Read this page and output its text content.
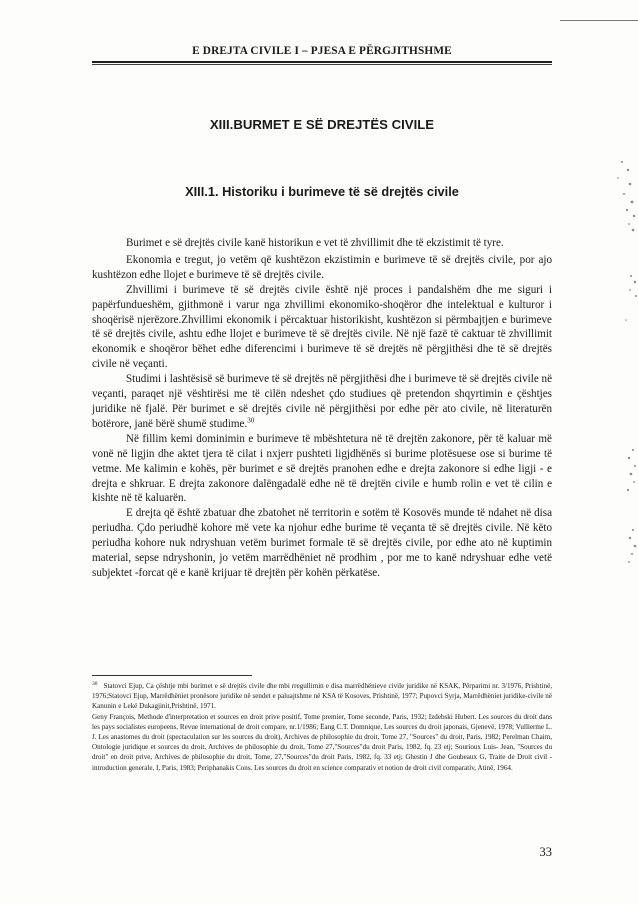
E DREJTA CIVILE I – PJESA E PËRGJITHSHME
XIII.BURMET E SË DREJTËS CIVILE
XIII.1. Historiku i burimeve të së drejtës civile

Burimet e së drejtës civile kanë historikun e vet të zhvillimit dhe të ekzistimit të tyre.

Ekonomia e tregut, jo vetëm që kushtëzon ekzistimin e burimeve të së drejtës civile, por ajo kushtëzon edhe llojet e burimeve të së drejtës civile.

Zhvillimi i burimeve të së drejtës civile është një proces i pandalshëm dhe me siguri i papërfundueshëm, gjithmonë i varur nga zhvillimi ekonomiko-shoqëror dhe intelektual e kulturor i shoqërisë njerëzore.Zhvillimi ekonomik i përcaktuar historikisht, kushtëzon si përmbajtjen e burimeve të së drejtës civile, ashtu edhe llojet e burimeve të së drejtës civile. Në një fazë të caktuar të zhvillimit ekonomik e shoqëror bëhet edhe diferencimi i burimeve të së drejtës në përgjithësi dhe të së drejtës civile në veçanti.

Studimi i lashtësisë së burimeve të së drejtës në përgjithësi dhe i burimeve të së drejtës civile në veçanti, paraqet një vështirësi me të cilën ndeshet çdo studiues që pretendon shqyrtimin e çështjes juridike në fjalë. Për burimet e së drejtës civile në përgjithësi por edhe për ato civile, në literaturën botërore, janë bërë shumë studime.$^{30}$

Në fillim kemi dominimin e burimeve të mbështetura në të drejtën zakonore, për të kaluar më vonë në ligjin dhe aktet tjera të cilat i nxjerr pushteti ligjdhënës si burime plotësuese ose si burime të vetme. Me kalimin e kohës, për burimet e së drejtës pranohen edhe e drejta zakonore si edhe ligji - e drejta e shkruar. E drejta zakonore dalëngadalë edhe në të drejtën civile e humb rolin e vet të cilin e kishte në të kaluarën.

E drejta që është zbatuar dhe zbatohet në territorin e sotëm të Kosovës munde të ndahet në disa periudha. Çdo periudhë kohore më vete ka njohur edhe burime të veçanta të së drejtës civile. Në këto periudha kohore nuk ndryshuan vetëm burimet formale të së drejtës civile, por edhe ato në kuptimin material, sepse ndryshonin, jo vetëm marrëdhëniet në prodhim , por me to kanë ndryshuar edhe vetë subjektet -forcat që e kanë krijuar të drejtën për kohën përkatëse.

$^{30}$ Statovci Ejup, Ca çështje mbi burimet e së drejtës civile dhe mbi rregullimin e disa marrëdhënieve civile juridike në KSAK, Përparimi nr. 3/1976, Prishtinë, 1976;Statovci Ejup, Marrëdhëniet pronësore juridike në sendet e paluajtshme në KSA të Kosoves, Prishtinë, 1977; Pupovci Syrja, Marrëdhëniet juridike-civile në Kanunin e Lekë Dukagjinit,Prishtinë, 1971.

Geny François, Methode d'interpretation et sources en droit prive positif, Tome premier, Tome seconde, Paris, 1932; Izdebski Hubert. Les sources du droit dans les pays socialistes europeens, Revue international de droit compare, nr.1/1986; Ëang C.T. Domnique, Les sources du droit japonais, Gjenevë, 1978; Vullierme L. J. Les anastomes du droit (spectaculation sur les sources du droit), Archives de philosophie du droit, Tome 27, "Sources" du droit, Paris, 1982; Perelman Chaim, Ontologie juridique et sources du droit, Archives de philosophie du droit, Tome 27,"Sources"du droit Paris, 1982, fq. 23 etj; Sourioux Luis- Jean, "Sources du droit" en droit prive, Archives de philosophie du droit, Tome, 27,"Sources"du droit Paris, 1982, fq. 33 etj; Ghestin J dhe Goubeaux G, Traite de Droit civil - introduction generale, I, Paris, 1983; Periphanakis Cons. Les sources du droit en science comparativ et notion de droit civil comparativ, Atinë, 1964.

33
